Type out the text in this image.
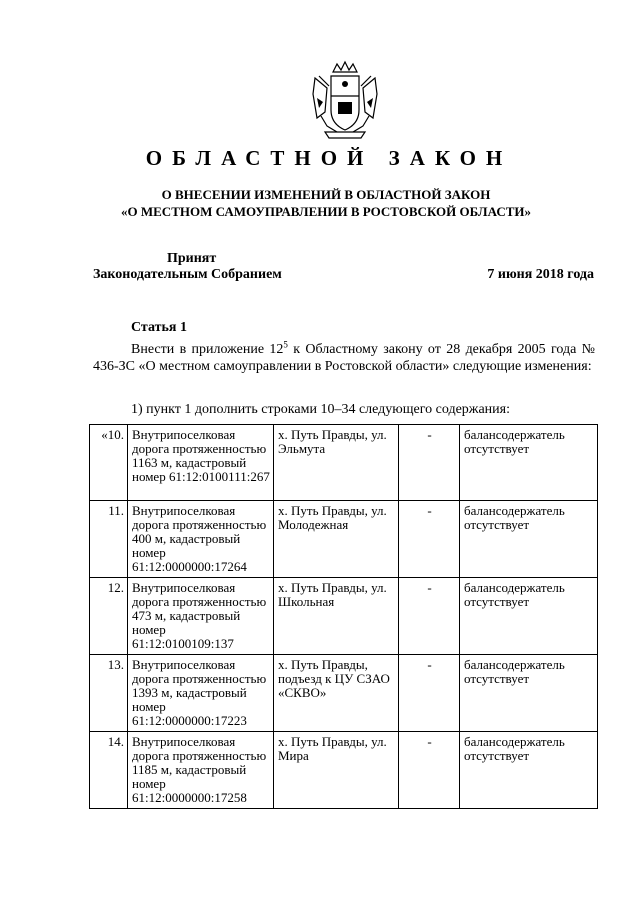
ОБЛАСТНОЙ ЗАКОН
О ВНЕСЕНИИ ИЗМЕНЕНИЙ В ОБЛАСТНОЙ ЗАКОН
«О МЕСТНОМ САМОУПРАВЛЕНИИ В РОСТОВСКОЙ ОБЛАСТИ»
Принят
Законодательным Собранием	7 июня 2018 года
Статья 1
Внести в приложение $12^5$ к Областному закону от 28 декабря 2005 года № 436-ЗС «О местном самоуправлении в Ростовской области» следующие изменения:
1) пункт 1 дополнить строками 10–34 следующего содержания:
«10.	Внутрипоселковая дорога протяженностью 1163 м, кадастровый номер 61:12:0100111:267	х. Путь Правды, ул. Эльмута	-	балансодержатель отсутствует
11.	Внутрипоселковая дорога протяженностью 400 м, кадастровый номер 61:12:0000000:17264	х. Путь Правды, ул. Молодежная	-	балансодержатель отсутствует
12.	Внутрипоселковая дорога протяженностью 473 м, кадастровый номер 61:12:0100109:137	х. Путь Правды, ул. Школьная	-	балансодержатель отсутствует
13.	Внутрипоселковая дорога протяженностью 1393 м, кадастровый номер 61:12:0000000:17223	х. Путь Правды, подъезд к ЦУ СЗАО «СКВО»	-	балансодержатель отсутствует
14.	Внутрипоселковая дорога протяженностью 1185 м, кадастровый номер 61:12:0000000:17258	х. Путь Правды, ул. Мира	-	балансодержатель отсутствует
